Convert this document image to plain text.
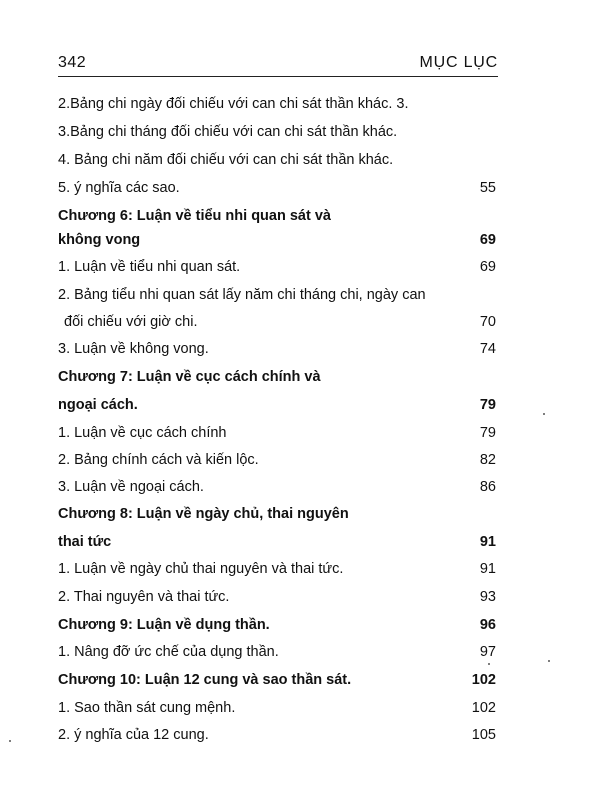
342	MỤC LỤC
2.Bảng chi ngày đối chiếu với can chi sát thần khác. 3.
3.Bảng chi tháng đối chiếu với can chi sát thần khác.
4. Bảng chi năm đối chiếu với can chi sát thần khác.
5. ý nghĩa các sao.	55
Chương 6: Luận về tiểu nhi quan sát và
không vong	69
1. Luận về tiểu nhi quan sát.	69
2. Bảng tiểu nhi quan sát lấy năm chi tháng chi, ngày can
đối chiếu với giờ chi.	70
3. Luận về không vong.	74
Chương 7: Luận về cục cách chính và
ngoại cách.	79
1. Luận về cục cách chính	79
2. Bảng chính cách và kiến lộc.	82
3. Luận về ngoại cách.	86
Chương 8: Luận về ngày chủ, thai nguyên
thai tức	91
1. Luận về ngày chủ thai nguyên và thai tức.	91
2. Thai nguyên và thai tức.	93
Chương 9: Luận về dụng thần.	96
1. Nâng đỡ ức chế của dụng thần.	97
Chương 10: Luận 12 cung và sao thần sát.	102
1. Sao thần sát cung mệnh.	102
2. ý nghĩa của 12 cung.	105
